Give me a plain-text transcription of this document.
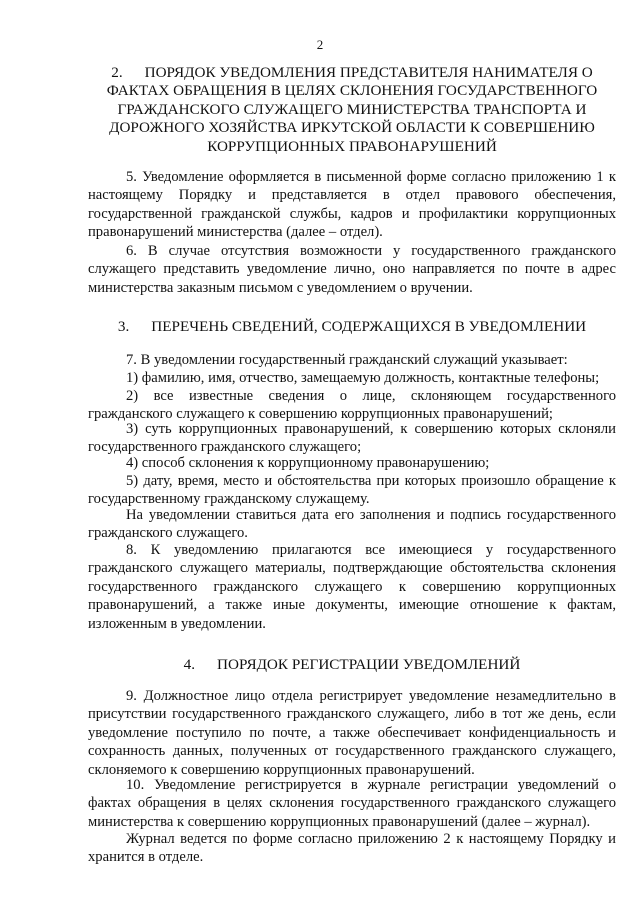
2
2. ПОРЯДОК УВЕДОМЛЕНИЯ ПРЕДСТАВИТЕЛЯ НАНИМАТЕЛЯ О ФАКТАХ ОБРАЩЕНИЯ В ЦЕЛЯХ СКЛОНЕНИЯ ГОСУДАРСТВЕННОГО ГРАЖДАНСКОГО СЛУЖАЩЕГО МИНИСТЕРСТВА ТРАНСПОРТА И ДОРОЖНОГО ХОЗЯЙСТВА ИРКУТСКОЙ ОБЛАСТИ К СОВЕРШЕНИЮ КОРРУПЦИОННЫХ ПРАВОНАРУШЕНИЙ

5. Уведомление оформляется в письменной форме согласно приложению 1 к настоящему Порядку и представляется в отдел правового обеспечения, государственной гражданской службы, кадров и профилактики коррупционных правонарушений министерства (далее – отдел).

6. В случае отсутствия возможности у государственного гражданского служащего представить уведомление лично, оно направляется по почте в адрес министерства заказным письмом с уведомлением о вручении.

3. ПЕРЕЧЕНЬ СВЕДЕНИЙ, СОДЕРЖАЩИХСЯ В УВЕДОМЛЕНИИ

7. В уведомлении государственный гражданский служащий указывает:

1) фамилию, имя, отчество, замещаемую должность, контактные телефоны;

2) все известные сведения о лице, склоняющем государственного гражданского служащего к совершению коррупционных правонарушений;

3) суть коррупционных правонарушений, к совершению которых склоняли государственного гражданского служащего;

4) способ склонения к коррупционному правонарушению;

5) дату, время, место и обстоятельства при которых произошло обращение к государственному гражданскому служащему.

На уведомлении ставиться дата его заполнения и подпись государственного гражданского служащего.

8. К уведомлению прилагаются все имеющиеся у государственного гражданского служащего материалы, подтверждающие обстоятельства склонения государственного гражданского служащего к совершению коррупционных правонарушений, а также иные документы, имеющие отношение к фактам, изложенным в уведомлении.

4. ПОРЯДОК РЕГИСТРАЦИИ УВЕДОМЛЕНИЙ

9. Должностное лицо отдела регистрирует уведомление незамедлительно в присутствии государственного гражданского служащего, либо в тот же день, если уведомление поступило по почте, а также обеспечивает конфиденциальность и сохранность данных, полученных от государственного гражданского служащего, склоняемого к совершению коррупционных правонарушений.

10. Уведомление регистрируется в журнале регистрации уведомлений о фактах обращения в целях склонения государственного гражданского служащего министерства к совершению коррупционных правонарушений (далее – журнал).

Журнал ведется по форме согласно приложению 2 к настоящему Порядку и хранится в отделе.
